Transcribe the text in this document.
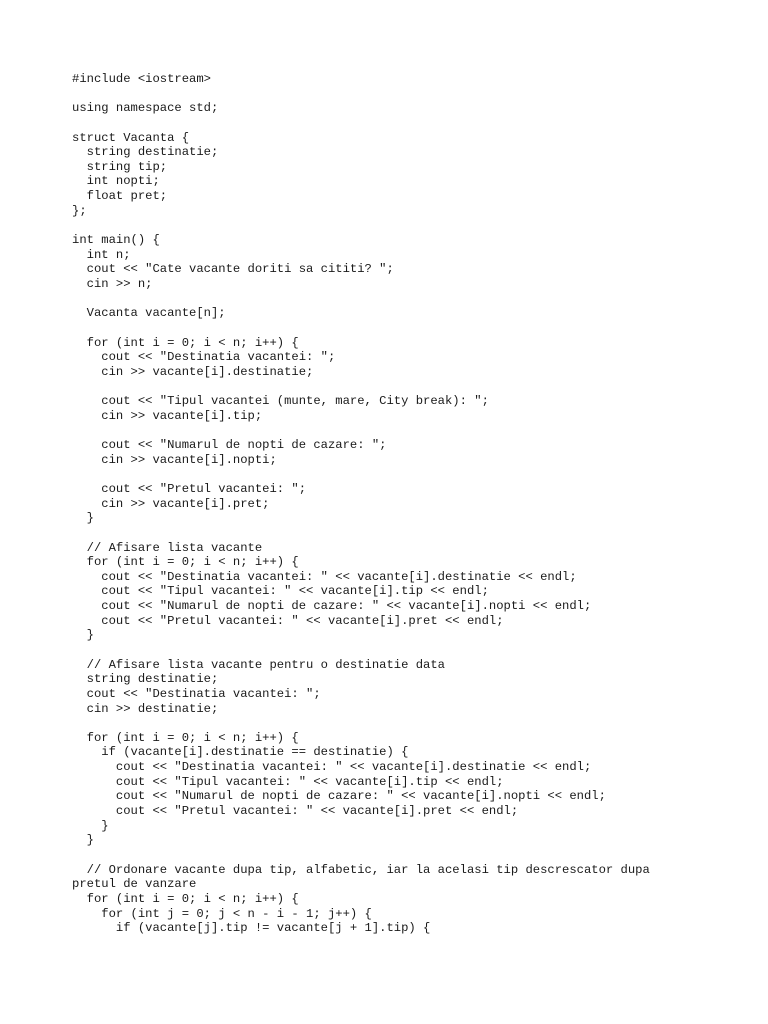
#include <iostream>
using namespace std;
struct Vacanta {
string destinatie;
string tip;
int nopti;
float pret;
};
int main() {
int n;
cout << "Cate vacante doriti sa cititi? ";
cin >> n;
Vacanta vacante[n];
for (int i = 0; i < n; i++) {
cout << "Destinatia vacantei: ";
cin >> vacante[i].destinatie;
cout << "Tipul vacantei (munte, mare, City break): ";
cin >> vacante[i].tip;
cout << "Numarul de nopti de cazare: ";
cin >> vacante[i].nopti;
cout << "Pretul vacantei: ";
cin >> vacante[i].pret;
}
// Afisare lista vacante
for (int i = 0; i < n; i++) {
cout << "Destinatia vacantei: " << vacante[i].destinatie << endl;
cout << "Tipul vacantei: " << vacante[i].tip << endl;
cout << "Numarul de nopti de cazare: " << vacante[i].nopti << endl;
cout << "Pretul vacantei: " << vacante[i].pret << endl;
}
// Afisare lista vacante pentru o destinatie data
string destinatie;
cout << "Destinatia vacantei: ";
cin >> destinatie;
for (int i = 0; i < n; i++) {
if (vacante[i].destinatie == destinatie) {
cout << "Destinatia vacantei: " << vacante[i].destinatie << endl;
cout << "Tipul vacantei: " << vacante[i].tip << endl;
cout << "Numarul de nopti de cazare: " << vacante[i].nopti << endl;
cout << "Pretul vacantei: " << vacante[i].pret << endl;
}
}
// Ordonare vacante dupa tip, alfabetic, iar la acelasi tip descrescator dupa
pretul de vanzare
for (int i = 0; i < n; i++) {
for (int j = 0; j < n - i - 1; j++) {
if (vacante[j].tip != vacante[j + 1].tip) {
